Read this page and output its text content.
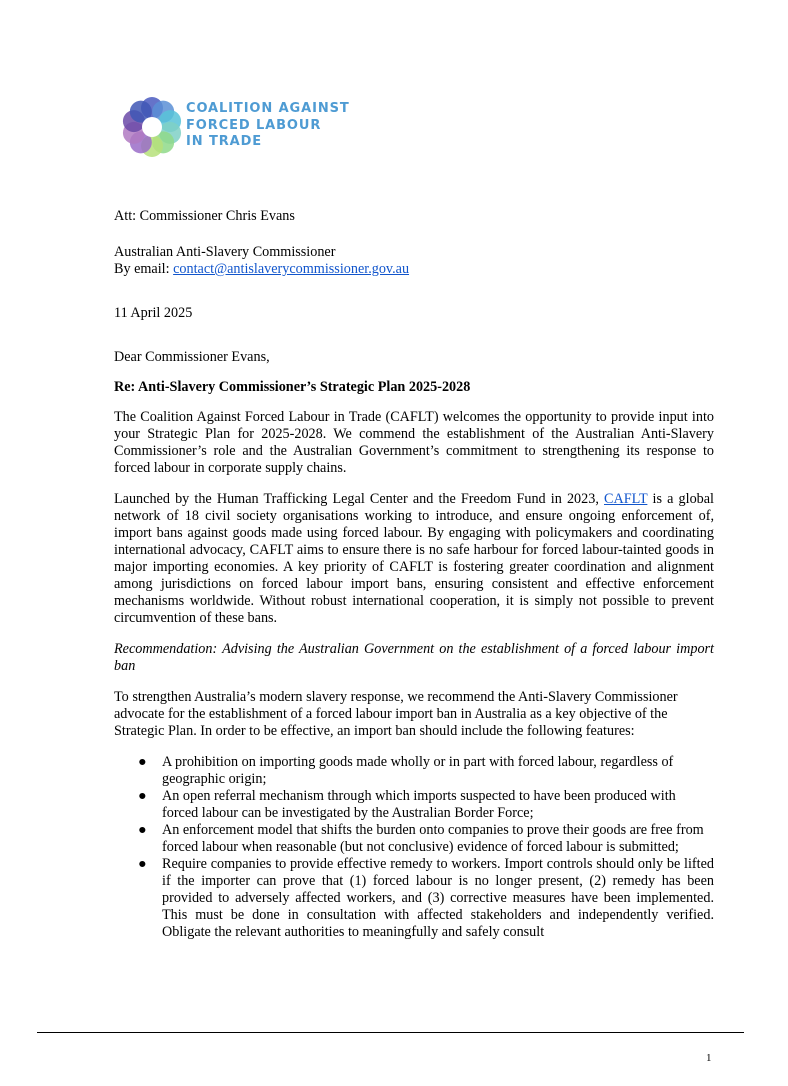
COALITION AGAINST
FORCED LABOUR
IN TRADE

Att: Commissioner Chris Evans

Australian Anti-Slavery Commissioner

By email: contact@antislaverycommissioner.gov.au

11 April 2025

Dear Commissioner Evans,

Re: Anti-Slavery Commissioner’s Strategic Plan 2025-2028

The Coalition Against Forced Labour in Trade (CAFLT) welcomes the opportunity to provide input into your Strategic Plan for 2025-2028. We commend the establishment of the Australian Anti-Slavery Commissioner’s role and the Australian Government’s commitment to strengthening its response to forced labour in corporate supply chains.

Launched by the Human Trafficking Legal Center and the Freedom Fund in 2023, CAFLT is a global network of 18 civil society organisations working to introduce, and ensure ongoing enforcement of, import bans against goods made using forced labour. By engaging with policymakers and coordinating international advocacy, CAFLT aims to ensure there is no safe harbour for forced labour-tainted goods in major importing economies. A key priority of CAFLT is fostering greater coordination and alignment among jurisdictions on forced labour import bans, ensuring consistent and effective enforcement mechanisms worldwide. Without robust international cooperation, it is simply not possible to prevent circumvention of these bans.

Recommendation: Advising the Australian Government on the establishment of a forced labour import ban

To strengthen Australia’s modern slavery response, we recommend the Anti-Slavery Commissioner advocate for the establishment of a forced labour import ban in Australia as a key objective of the Strategic Plan. In order to be effective, an import ban should include the following features:

● A prohibition on importing goods made wholly or in part with forced labour, regardless of geographic origin;
● An open referral mechanism through which imports suspected to have been produced with forced labour can be investigated by the Australian Border Force;
● An enforcement model that shifts the burden onto companies to prove their goods are free from forced labour when reasonable (but not conclusive) evidence of forced labour is submitted;
● Require companies to provide effective remedy to workers. Import controls should only be lifted if the importer can prove that (1) forced labour is no longer present, (2) remedy has been provided to adversely affected workers, and (3) corrective measures have been implemented. This must be done in consultation with affected stakeholders and independently verified. Obligate the relevant authorities to meaningfully and safely consult
1
